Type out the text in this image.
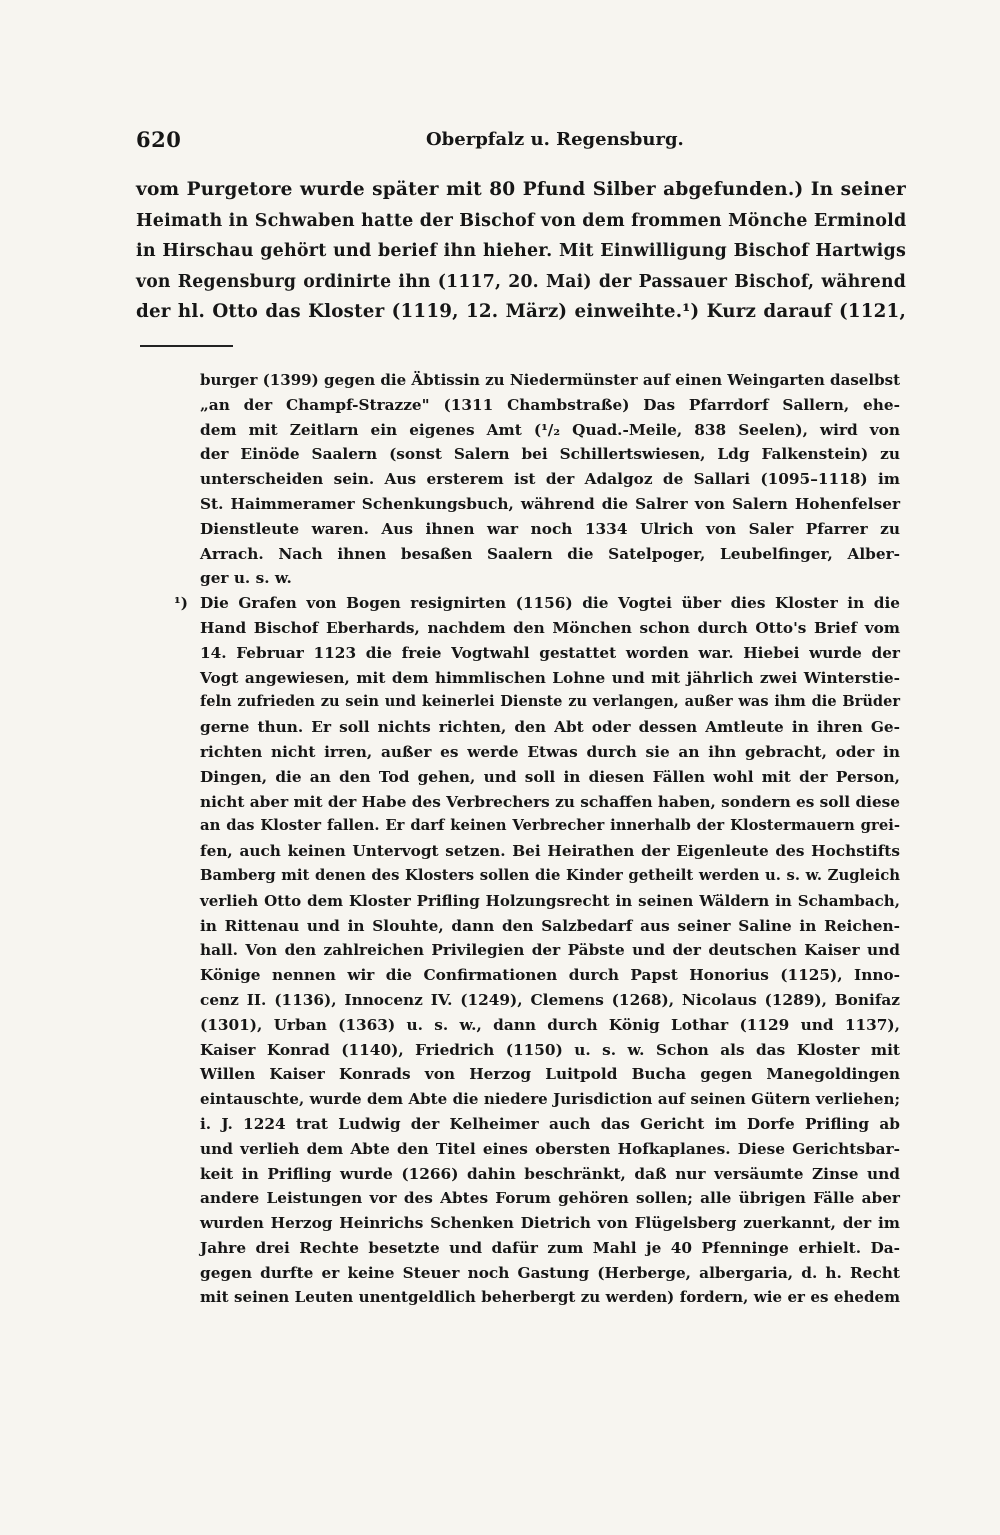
620	Oberpfalz u. Regensburg.
vom Purgetore wurde später mit 80 Pfund Silber abgefunden.) In seiner
Heimath in Schwaben hatte der Bischof von dem frommen Mönche Erminold
in Hirschau gehört und berief ihn hieher. Mit Einwilligung Bischof Hartwigs
von Regensburg ordinirte ihn (1117, 20. Mai) der Passauer Bischof, während
der hl. Otto das Kloster (1119, 12. März) einweihte.¹) Kurz darauf (1121,
burger (1399) gegen die Äbtissin zu Niedermünster auf einen Weingarten daselbst
„an der Champf-Strazze" (1311 Chambstraße) Das Pfarrdorf Sallern, ehe-
dem mit Zeitlarn ein eigenes Amt (¹/₂ Quad.-Meile, 838 Seelen), wird von
der Einöde Saalern (sonst Salern bei Schillertswiesen, Ldg Falkenstein) zu
unterscheiden sein. Aus ersterem ist der Adalgoz de Sallari (1095–1118) im
St. Haimmeramer Schenkungsbuch, während die Salrer von Salern Hohenfelser
Dienstleute waren. Aus ihnen war noch 1334 Ulrich von Saler Pfarrer zu
Arrach. Nach ihnen besaßen Saalern die Satelpoger, Leubelfinger, Alber-
ger u. s. w.
¹) Die Grafen von Bogen resignirten (1156) die Vogtei über dies Kloster in die
Hand Bischof Eberhards, nachdem den Mönchen schon durch Otto's Brief vom
14. Februar 1123 die freie Vogtwahl gestattet worden war. Hiebei wurde der
Vogt angewiesen, mit dem himmlischen Lohne und mit jährlich zwei Winterstie-
feln zufrieden zu sein und keinerlei Dienste zu verlangen, außer was ihm die Brüder
gerne thun. Er soll nichts richten, den Abt oder dessen Amtleute in ihren Ge-
richten nicht irren, außer es werde Etwas durch sie an ihn gebracht, oder in
Dingen, die an den Tod gehen, und soll in diesen Fällen wohl mit der Person,
nicht aber mit der Habe des Verbrechers zu schaffen haben, sondern es soll diese
an das Kloster fallen. Er darf keinen Verbrecher innerhalb der Klostermauern grei-
fen, auch keinen Untervogt setzen. Bei Heirathen der Eigenleute des Hochstifts
Bamberg mit denen des Klosters sollen die Kinder getheilt werden u. s. w. Zugleich
verlieh Otto dem Kloster Prifling Holzungsrecht in seinen Wäldern in Schambach,
in Rittenau und in Slouhte, dann den Salzbedarf aus seiner Saline in Reichen-
hall. Von den zahlreichen Privilegien der Päbste und der deutschen Kaiser und
Könige nennen wir die Confirmationen durch Papst Honorius (1125), Inno-
cenz II. (1136), Innocenz IV. (1249), Clemens (1268), Nicolaus (1289), Bonifaz
(1301), Urban (1363) u. s. w., dann durch König Lothar (1129 und 1137),
Kaiser Konrad (1140), Friedrich (1150) u. s. w. Schon als das Kloster mit
Willen Kaiser Konrads von Herzog Luitpold Bucha gegen Manegoldingen
eintauschte, wurde dem Abte die niedere Jurisdiction auf seinen Gütern verliehen;
i. J. 1224 trat Ludwig der Kelheimer auch das Gericht im Dorfe Prifling ab
und verlieh dem Abte den Titel eines obersten Hofkaplanes. Diese Gerichtsbar-
keit in Prifling wurde (1266) dahin beschränkt, daß nur versäumte Zinse und
andere Leistungen vor des Abtes Forum gehören sollen; alle übrigen Fälle aber
wurden Herzog Heinrichs Schenken Dietrich von Flügelsberg zuerkannt, der im
Jahre drei Rechte besetzte und dafür zum Mahl je 40 Pfenninge erhielt. Da-
gegen durfte er keine Steuer noch Gastung (Herberge, albergaria, d. h. Recht
mit seinen Leuten unentgeldlich beherbergt zu werden) fordern, wie er es ehedem
